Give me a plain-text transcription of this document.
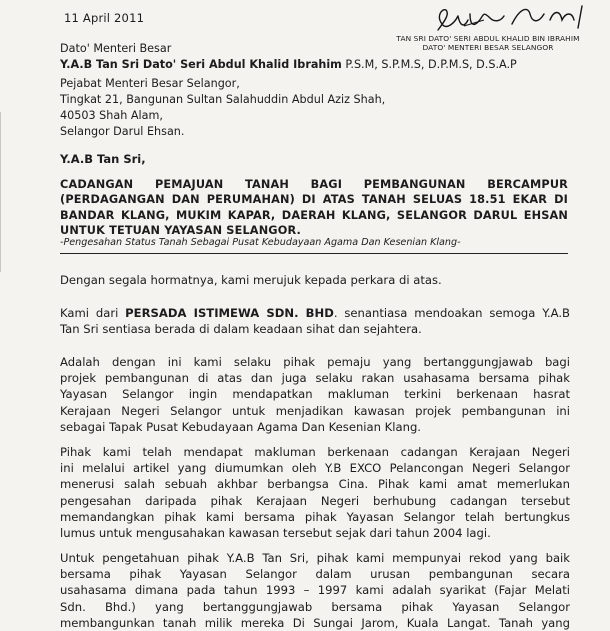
11 April 2011
TAN SRI DATO' SERI ABDUL KHALID BIN IBRAHIM
DATO' MENTERI BESAR SELANGOR
Dato' Menteri Besar
Y.A.B Tan Sri Dato' Seri Abdul Khalid Ibrahim P.S.M, S.P.M.S, D.P.M.S, D.S.A.P
Pejabat Menteri Besar Selangor,
Tingkat 21, Bangunan Sultan Salahuddin Abdul Aziz Shah,
40503 Shah Alam,
Selangor Darul Ehsan.
Y.A.B Tan Sri,
CADANGAN PEMAJUAN TANAH BAGI PEMBANGUNAN BERCAMPUR
(PERDAGANGAN DAN PERUMAHAN) DI ATAS TANAH SELUAS 18.51 EKAR DI
BANDAR KLANG, MUKIM KAPAR, DAERAH KLANG, SELANGOR DARUL EHSAN
UNTUK TETUAN YAYASAN SELANGOR.
-Pengesahan Status Tanah Sebagai Pusat Kebudayaan Agama Dan Kesenian Klang-
Dengan segala hormatnya, kami merujuk kepada perkara di atas.
Kami dari PERSADA ISTIMEWA SDN. BHD. senantiasa mendoakan semoga Y.A.B
Tan Sri sentiasa berada di dalam keadaan sihat dan sejahtera.
Adalah dengan ini kami selaku pihak pemaju yang bertanggungjawab bagi
projek pembangunan di atas dan juga selaku rakan usahasama bersama pihak
Yayasan Selangor ingin mendapatkan makluman terkini berkenaan hasrat
Kerajaan Negeri Selangor untuk menjadikan kawasan projek pembangunan ini
sebagai Tapak Pusat Kebudayaan Agama Dan Kesenian Klang.
Pihak kami telah mendapat makluman berkenaan cadangan Kerajaan Negeri
ini melalui artikel yang diumumkan oleh Y.B EXCO Pelancongan Negeri Selangor
menerusi salah sebuah akhbar berbangsa Cina. Pihak kami amat memerlukan
pengesahan daripada pihak Kerajaan Negeri berhubung cadangan tersebut
memandangkan pihak kami bersama pihak Yayasan Selangor telah bertungkus
lumus untuk mengusahakan kawasan tersebut sejak dari tahun 2004 lagi.
Untuk pengetahuan pihak Y.A.B Tan Sri, pihak kami mempunyai rekod yang baik
bersama pihak Yayasan Selangor dalam urusan pembangunan secara
usahasama dimana pada tahun 1993 – 1997 kami adalah syarikat (Fajar Melati
Sdn. Bhd.) yang bertanggungjawab bersama pihak Yayasan Selangor
membangunkan tanah milik mereka Di Sungai Jarom, Kuala Langat. Tanah yang
